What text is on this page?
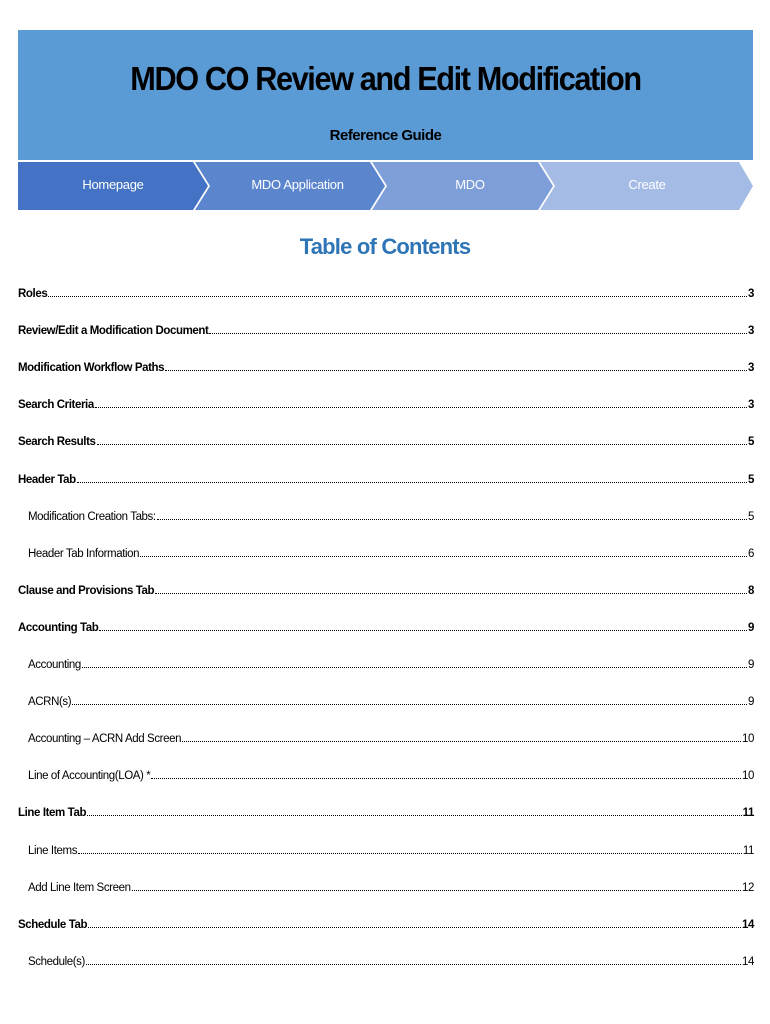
MDO CO Review and Edit Modification
Reference Guide
Homepage	MDO Application	MDO	Create
Table of Contents
Roles	3
Review/Edit a Modification Document	3
Modification Workflow Paths	3
Search Criteria	3
Search Results	5
Header Tab	5
Modification Creation Tabs:	5
Header Tab Information	6
Clause and Provisions Tab	8
Accounting Tab	9
Accounting	9
ACRN(s)	9
Accounting – ACRN Add Screen	10
Line of Accounting(LOA) *	10
Line Item Tab	11
Line Items	11
Add Line Item Screen	12
Schedule Tab	14
Schedule(s)	14
